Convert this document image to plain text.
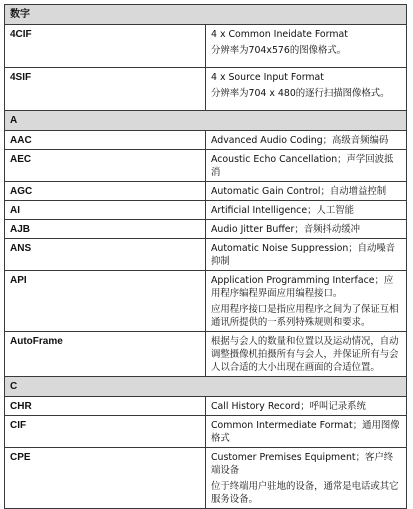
数字	
4CIF	4 x Common Ineidate Format

分辨率为704x576的图像格式。

4SIF	4 x Source Input Format

分辨率为704 x 480的逐行扫描图像格式。

A	
AAC	Advanced Audio Coding；高级音频编码

AEC	Acoustic Echo Cancellation；声学回波抵消

AGC	Automatic Gain Control；自动增益控制

AI	Artificial Intelligence；人工智能

AJB	Audio Jitter Buffer；音频抖动缓冲

ANS	Automatic Noise Suppression；自动噪音抑制

API	Application Programming Interface；应用程序编程界面应用编程接口。

应用程序接口是指应用程序之间为了保证互相通讯所提供的一系列特殊规则和要求。

AutoFrame	根据与会人的数量和位置以及运动情况，自动调整摄像机拍摄所有与会人，并保证所有与会人以合适的大小出现在画面的合适位置。

C	
CHR	Call History Record；呼叫记录系统

CIF	Common Intermediate Format；通用图像格式

CPE	Customer Premises Equipment；客户终端设备

位于终端用户驻地的设备，通常是电话或其它服务设备。
